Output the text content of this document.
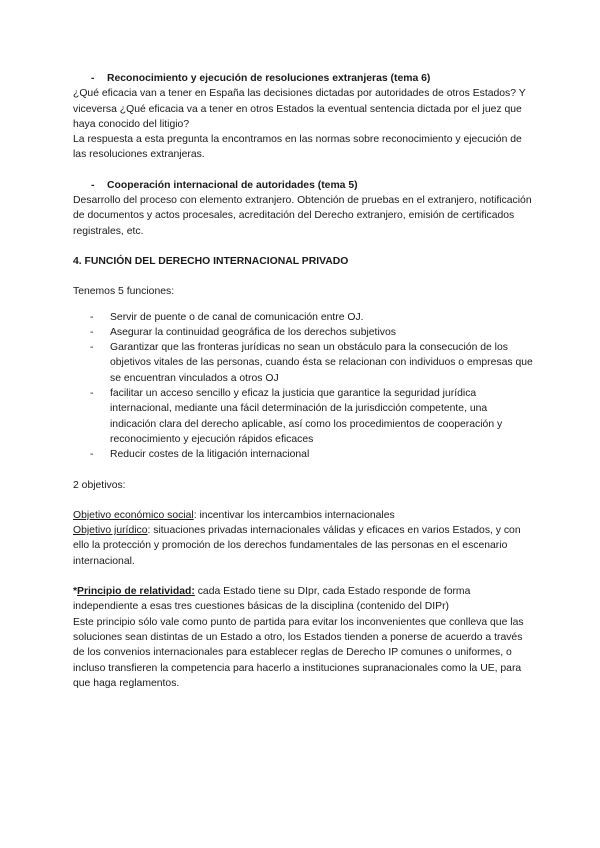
-	Reconocimiento y ejecución de resoluciones extranjeras (tema 6)

¿Qué eficacia van a tener en España las decisiones dictadas por autoridades de otros Estados? Y viceversa ¿Qué eficacia va a tener en otros Estados la eventual sentencia dictada por el juez que haya conocido del litigio?

La respuesta a esta pregunta la encontramos en las normas sobre reconocimiento y ejecución de las resoluciones extranjeras.

-	Cooperación internacional de autoridades (tema 5)

Desarrollo del proceso con elemento extranjero. Obtención de pruebas en el extranjero, notificación de documentos y actos procesales, acreditación del Derecho extranjero, emisión de certificados registrales, etc.

4. FUNCIÓN DEL DERECHO INTERNACIONAL PRIVADO

Tenemos 5 funciones:

-	Servir de puente o de canal de comunicación entre OJ.
-	Asegurar la continuidad geográfica de los derechos subjetivos
-	Garantizar que las fronteras jurídicas no sean un obstáculo para la consecución de los objetivos vitales de las personas, cuando ésta se relacionan con individuos o empresas que se encuentran vinculados a otros OJ
-	facilitar un acceso sencillo y eficaz la justicia que garantice la seguridad jurídica internacional, mediante una fácil determinación de la jurisdicción competente, una indicación clara del derecho aplicable, así como los procedimientos de cooperación y reconocimiento y ejecución rápidos eficaces
-	Reducir costes de la litigación internacional

2 objetivos:

Objetivo económico social: incentivar los intercambios internacionales

Objetivo jurídico: situaciones privadas internacionales válidas y eficaces en varios Estados, y con ello la protección y promoción de los derechos fundamentales de las personas en el escenario internacional.

*Principio de relatividad: cada Estado tiene su DIpr, cada Estado responde de forma independiente a esas tres cuestiones básicas de la disciplina (contenido del DIPr)

Este principio sólo vale como punto de partida para evitar los inconvenientes que conlleva que las soluciones sean distintas de un Estado a otro, los Estados tienden a ponerse de acuerdo a través de los convenios internacionales para establecer reglas de Derecho IP comunes o uniformes, o incluso transfieren la competencia para hacerlo a instituciones supranacionales como la UE, para que haga reglamentos.
